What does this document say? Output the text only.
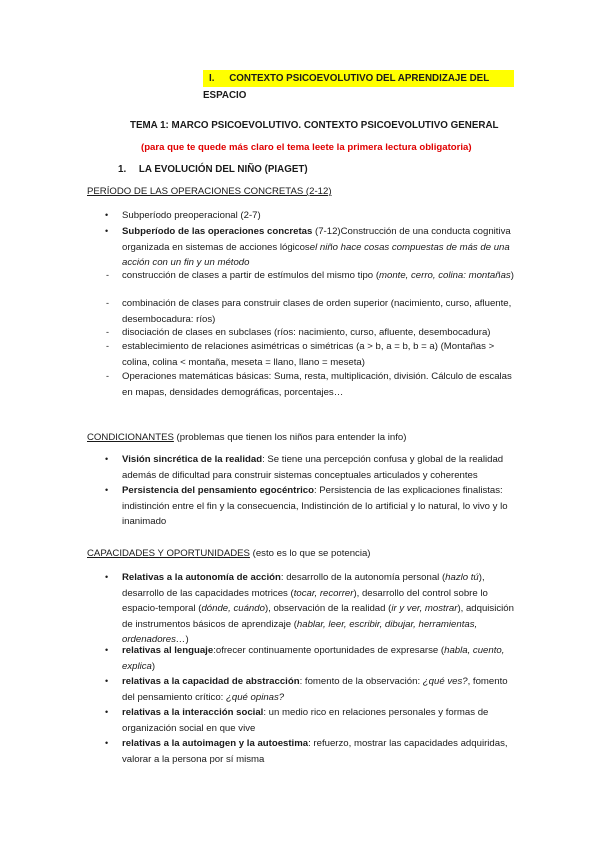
I. CONTEXTO PSICOEVOLUTIVO DEL APRENDIZAJE DEL ESPACIO
TEMA 1: MARCO PSICOEVOLUTIVO. CONTEXTO PSICOEVOLUTIVO GENERAL
(para que te quede más claro el tema leete la primera lectura obligatoria)
1. LA EVOLUCIÓN DEL NIÑO (PIAGET)
PERÍODO DE LAS OPERACIONES CONCRETAS (2-12)
• Subperíodo preoperacional (2-7)
• Subperíodo de las operaciones concretas (7-12)Construcción de una conducta cognitiva organizada en sistemas de acciones lógicosel niño hace cosas compuestas de más de una acción con un fin y un método
- construcción de clases a partir de estímulos del mismo tipo (monte, cerro, colina: montañas)
- combinación de clases para construir clases de orden superior (nacimiento, curso, afluente, desembocadura: ríos)
- disociación de clases en subclases (ríos: nacimiento, curso, afluente, desembocadura)
- establecimiento de relaciones asimétricas o simétricas (a > b, a = b, b = a) (Montañas > colina, colina < montaña, meseta = llano, llano = meseta)
- Operaciones matemáticas básicas: Suma, resta, multiplicación, división. Cálculo de escalas en mapas, densidades demográficas, porcentajes…
CONDICIONANTES (problemas que tienen los niños para entender la info)
• Visión sincrética de la realidad: Se tiene una percepción confusa y global de la realidad además de dificultad para construir sistemas conceptuales articulados y coherentes
• Persistencia del pensamiento egocéntrico: Persistencia de las explicaciones finalistas: indistinción entre el fin y la consecuencia, Indistinción de lo artificial y lo natural, lo vivo y lo inanimado
CAPACIDADES Y OPORTUNIDADES (esto es lo que se potencia)
• Relativas a la autonomía de acción: desarrollo de la autonomía personal (hazlo tú), desarrollo de las capacidades motrices (tocar, recorrer), desarrollo del control sobre lo espacio-temporal (dónde, cuándo), observación de la realidad (ir y ver, mostrar), adquisición de instrumentos básicos de aprendizaje (hablar, leer, escribir, dibujar, herramientas, ordenadores…)
• relativas al lenguaje:ofrecer continuamente oportunidades de expresarse (habla, cuento, explica)
• relativas a la capacidad de abstracción: fomento de la observación: ¿qué ves?, fomento del pensamiento crítico: ¿qué opinas?
• relativas a la interacción social: un medio rico en relaciones personales y formas de organización social en que vive
• relativas a la autoimagen y la autoestima: refuerzo, mostrar las capacidades adquiridas, valorar a la persona por sí misma
